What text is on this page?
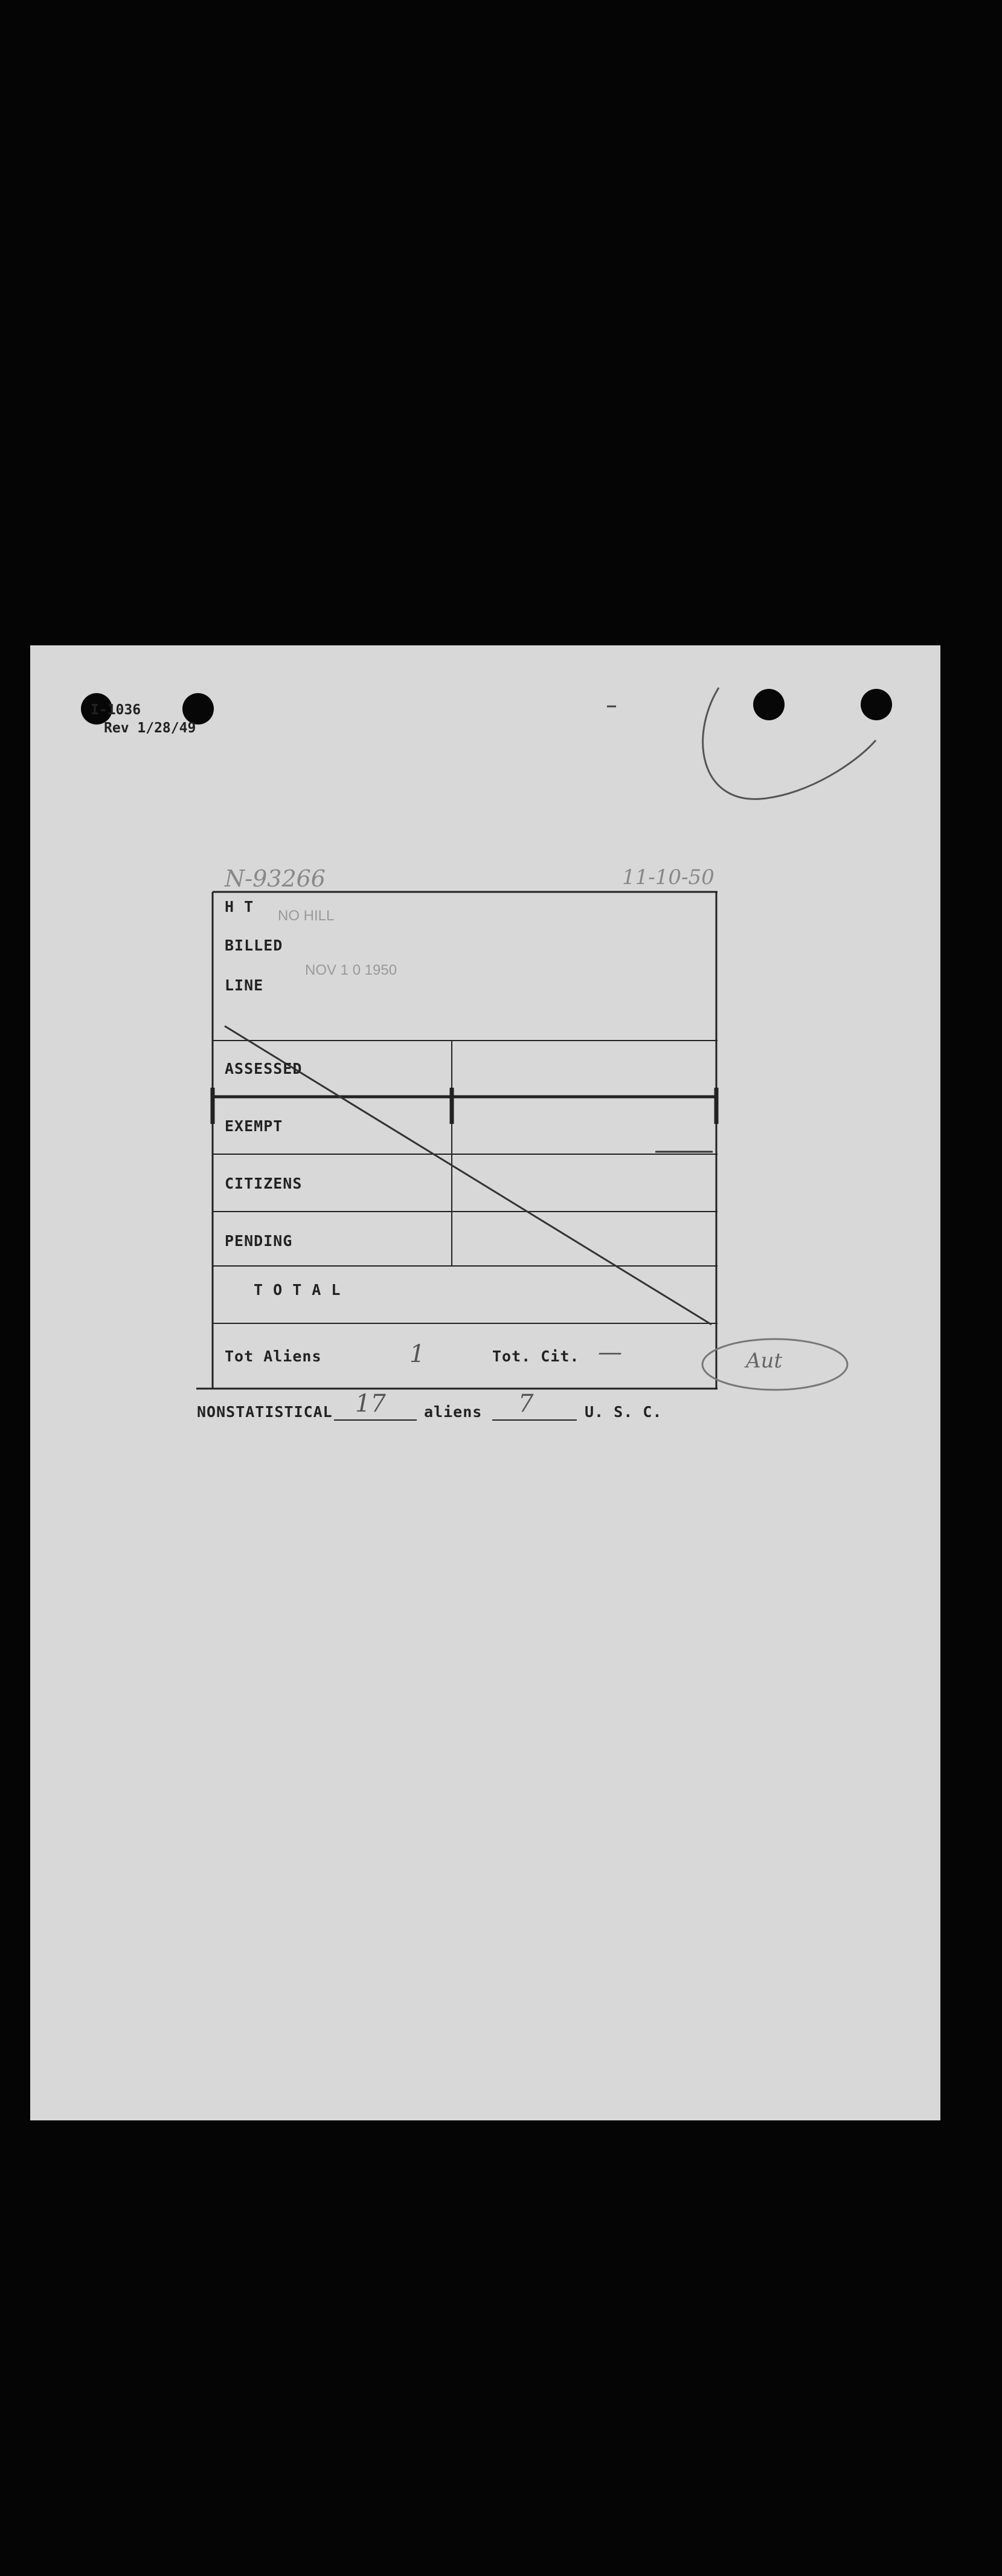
I-1036
Rev 1/28/49
N-93266	11-10-50
H T
BILLED
LINE
NO HILL
NOV 1 0 1950
ASSESSED
EXEMPT
CITIZENS
PENDING
T O T A L
Tot Aliens	1	Tot. Cit. —	Aut
NONSTATISTICAL 17	aliens 7	U. S. C.
